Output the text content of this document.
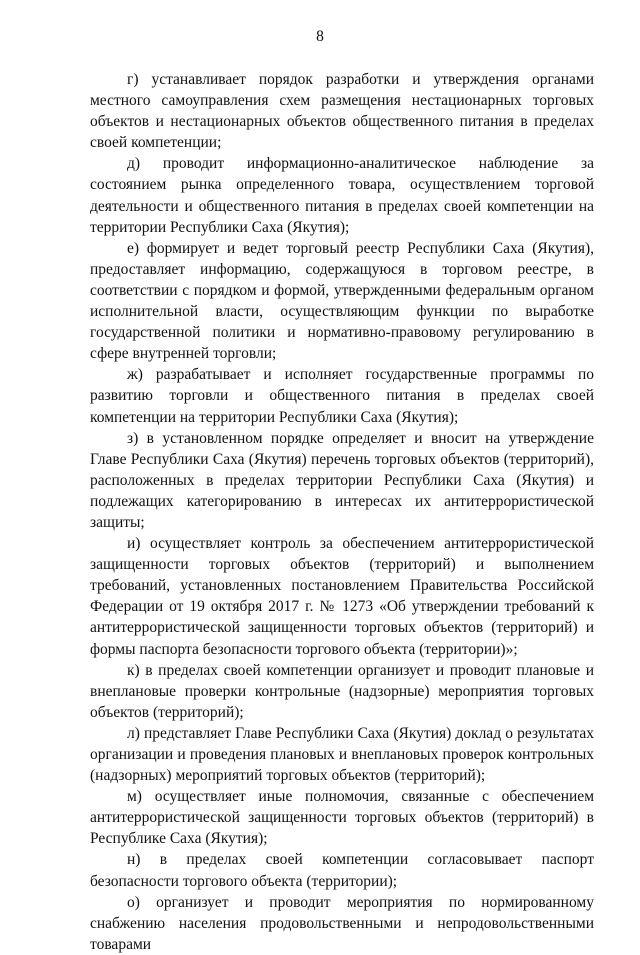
8

г) устанавливает порядок разработки и утверждения органами местного самоуправления схем размещения нестационарных торговых объектов и нестационарных объектов общественного питания в пределах своей компетенции;

д) проводит информационно-аналитическое наблюдение за состоянием рынка определенного товара, осуществлением торговой деятельности и общественного питания в пределах своей компетенции на территории Республики Саха (Якутия);

е) формирует и ведет торговый реестр Республики Саха (Якутия), предоставляет информацию, содержащуюся в торговом реестре, в соответствии с порядком и формой, утвержденными федеральным органом исполнительной власти, осуществляющим функции по выработке государственной политики и нормативно-правовому регулированию в сфере внутренней торговли;

ж) разрабатывает и исполняет государственные программы по развитию торговли и общественного питания в пределах своей компетенции на территории Республики Саха (Якутия);

з) в установленном порядке определяет и вносит на утверждение Главе Республики Саха (Якутия) перечень торговых объектов (территорий), расположенных в пределах территории Республики Саха (Якутия) и подлежащих категорированию в интересах их антитеррористической защиты;

и) осуществляет контроль за обеспечением антитеррористической защищенности торговых объектов (территорий) и выполнением требований, установленных постановлением Правительства Российской Федерации от 19 октября 2017 г. № 1273 «Об утверждении требований к антитеррористической защищенности торговых объектов (территорий) и формы паспорта безопасности торгового объекта (территории)»;

к) в пределах своей компетенции организует и проводит плановые и внеплановые проверки контрольные (надзорные) мероприятия торговых объектов (территорий);

л) представляет Главе Республики Саха (Якутия) доклад о результатах организации и проведения плановых и внеплановых проверок контрольных (надзорных) мероприятий торговых объектов (территорий);

м) осуществляет иные полномочия, связанные с обеспечением антитеррористической защищенности торговых объектов (территорий) в Республике Саха (Якутия);

н) в пределах своей компетенции согласовывает паспорт безопасности торгового объекта (территории);

о) организует и проводит мероприятия по нормированному снабжению населения продовольственными и непродовольственными товарами
